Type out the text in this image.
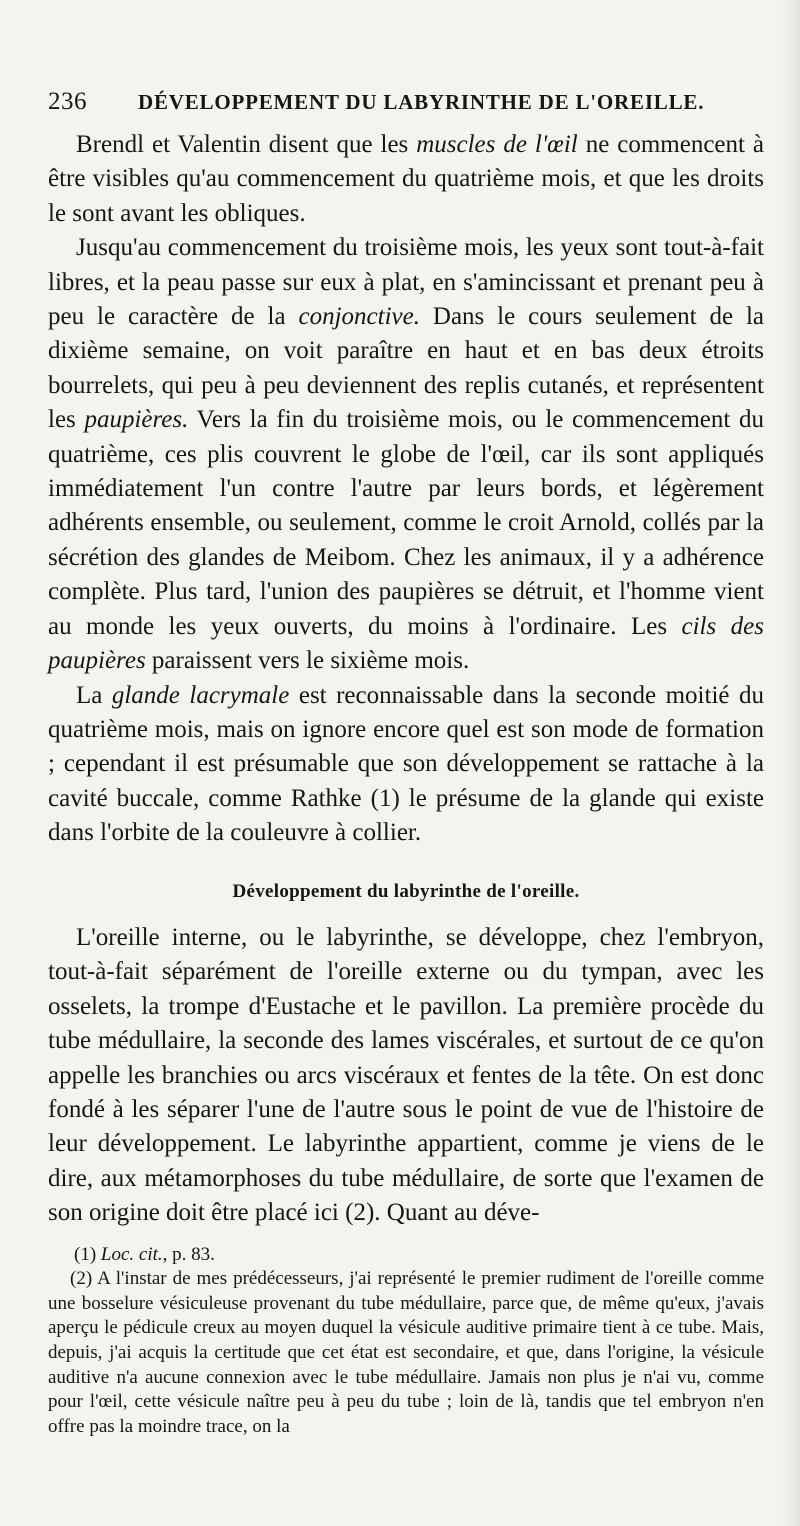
236	DÉVELOPPEMENT DU LABYRINTHE DE L'OREILLE.

Brendl et Valentin disent que les muscles de l'œil ne commencent à être visibles qu'au commencement du quatrième mois, et que les droits le sont avant les obliques.

Jusqu'au commencement du troisième mois, les yeux sont tout-à-fait libres, et la peau passe sur eux à plat, en s'amincissant et prenant peu à peu le caractère de la conjonctive. Dans le cours seulement de la dixième semaine, on voit paraître en haut et en bas deux étroits bourrelets, qui peu à peu deviennent des replis cutanés, et représentent les paupières. Vers la fin du troisième mois, ou le commencement du quatrième, ces plis couvrent le globe de l'œil, car ils sont appliqués immédiatement l'un contre l'autre par leurs bords, et légèrement adhérents ensemble, ou seulement, comme le croit Arnold, collés par la sécrétion des glandes de Meibom. Chez les animaux, il y a adhérence complète. Plus tard, l'union des paupières se détruit, et l'homme vient au monde les yeux ouverts, du moins à l'ordinaire. Les cils des paupières paraissent vers le sixième mois.

La glande lacrymale est reconnaissable dans la seconde moitié du quatrième mois, mais on ignore encore quel est son mode de formation ; cependant il est présumable que son développement se rattache à la cavité buccale, comme Rathke (1) le présume de la glande qui existe dans l'orbite de la couleuvre à collier.

Développement du labyrinthe de l'oreille.

L'oreille interne, ou le labyrinthe, se développe, chez l'embryon, tout-à-fait séparément de l'oreille externe ou du tympan, avec les osselets, la trompe d'Eustache et le pavillon. La première procède du tube médullaire, la seconde des lames viscérales, et surtout de ce qu'on appelle les branchies ou arcs viscéraux et fentes de la tête. On est donc fondé à les séparer l'une de l'autre sous le point de vue de l'histoire de leur développement. Le labyrinthe appartient, comme je viens de le dire, aux métamorphoses du tube médullaire, de sorte que l'examen de son origine doit être placé ici (2). Quant au déve-

(1) Loc. cit., p. 83.

(2) A l'instar de mes prédécesseurs, j'ai représenté le premier rudiment de l'oreille comme une bosselure vésiculeuse provenant du tube médullaire, parce que, de même qu'eux, j'avais aperçu le pédicule creux au moyen duquel la vésicule auditive primaire tient à ce tube. Mais, depuis, j'ai acquis la certitude que cet état est secondaire, et que, dans l'origine, la vésicule auditive n'a aucune connexion avec le tube médullaire. Jamais non plus je n'ai vu, comme pour l'œil, cette vésicule naître peu à peu du tube ; loin de là, tandis que tel embryon n'en offre pas la moindre trace, on la
